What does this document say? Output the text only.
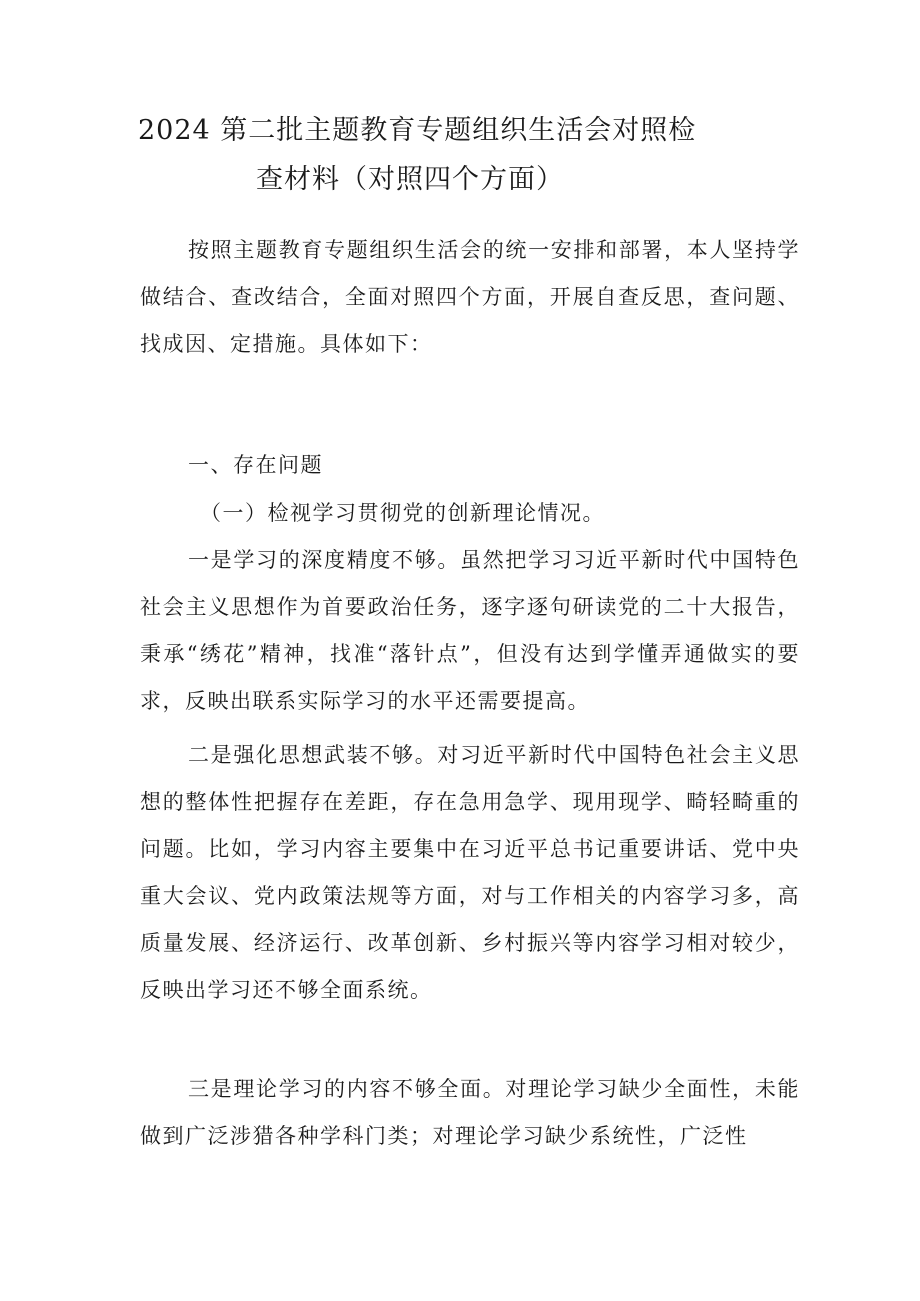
2024 第二批主题教育专题组织生活会对照检
查材料（对照四个方面）

按照主题教育专题组织生活会的统一安排和部署，本人坚持学做结合、查改结合，全面对照四个方面，开展自查反思，查问题、找成因、定措施。具体如下：

一、存在问题

（一）检视学习贯彻党的创新理论情况。

一是学习的深度精度不够。虽然把学习习近平新时代中国特色社会主义思想作为首要政治任务，逐字逐句研读党的二十大报告，秉承“绣花”精神，找准“落针点”，但没有达到学懂弄通做实的要求，反映出联系实际学习的水平还需要提高。

二是强化思想武装不够。对习近平新时代中国特色社会主义思想的整体性把握存在差距，存在急用急学、现用现学、畸轻畸重的问题。比如，学习内容主要集中在习近平总书记重要讲话、党中央重大会议、党内政策法规等方面，对与工作相关的内容学习多，高质量发展、经济运行、改革创新、乡村振兴等内容学习相对较少，反映出学习还不够全面系统。

三是理论学习的内容不够全面。对理论学习缺少全面性，未能做到广泛涉猎各种学科门类；对理论学习缺少系统性，广泛性
